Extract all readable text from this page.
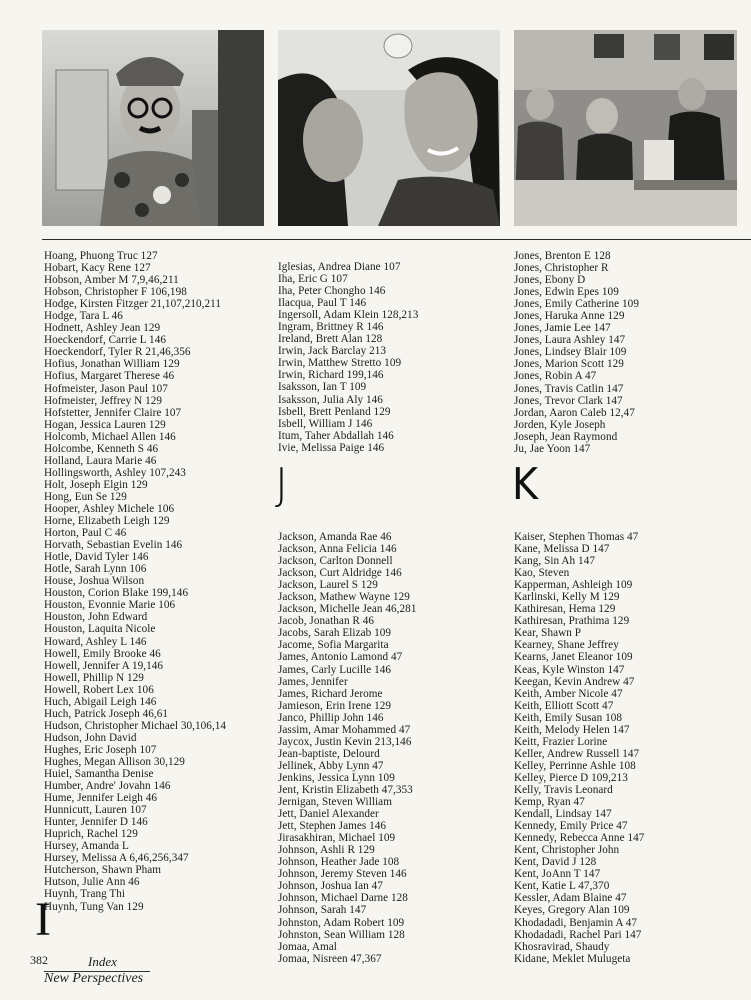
Hoang, Phuong Truc 127
Hobart, Kacy Rene 127
Hobson, Amber M 7,9,46,211
Hobson, Christopher F 106,198
Hodge, Kirsten Fitzger 21,107,210,211
Hodge, Tara L 46
Hodnett, Ashley Jean 129
Hoeckendorf, Carrie L 146
Hoeckendorf, Tyler R 21,46,356
Hofius, Jonathan William 129
Hofius, Margaret Therese 46
Hofmeister, Jason Paul 107
Hofmeister, Jeffrey N 129
Hofstetter, Jennifer Claire 107
Hogan, Jessica Lauren 129
Holcomb, Michael Allen 146
Holcombe, Kenneth S 46
Holland, Laura Marie 46
Hollingsworth, Ashley 107,243
Holt, Joseph Elgin 129
Hong, Eun Se 129
Hooper, Ashley Michele 106
Horne, Elizabeth Leigh 129
Horton, Paul C 46
Horvath, Sebastian Evelin 146
Hotle, David Tyler 146
Hotle, Sarah Lynn 106
House, Joshua Wilson
Houston, Corion Blake 199,146
Houston, Evonnie Marie 106
Houston, John Edward
Houston, Laquita Nicole
Howard, Ashley L 146
Howell, Emily Brooke 46
Howell, Jennifer A 19,146
Howell, Phillip N 129
Howell, Robert Lex 106
Huch, Abigail Leigh 146
Huch, Patrick Joseph 46,61
Hudson, Christopher Michael 30,106,14
Hudson, John David
Hughes, Eric Joseph 107
Hughes, Megan Allison 30,129
Huiel, Samantha Denise
Humber, Andre' Jovahn 146
Hume, Jennifer Leigh 46
Hunnicutt, Lauren 107
Hunter, Jennifer D 146
Huprich, Rachel 129
Hursey, Amanda L
Hursey, Melissa A 6,46,256,347
Hutcherson, Shawn Pham
Hutson, Julie Ann 46
Huynh, Trang Thi
Huynh, Tung Van 129
Iglesias, Andrea Diane 107
Iha, Eric G 107
Iha, Peter Chongho 146
Ilacqua, Paul T 146
Ingersoll, Adam Klein 128,213
Ingram, Brittney R 146
Ireland, Brett Alan 128
Irwin, Jack Barclay 213
Irwin, Matthew Stretto 109
Irwin, Richard 199,146
Isaksson, Ian T 109
Isaksson, Julia Aly 146
Isbell, Brett Penland 129
Isbell, William J 146
Itum, Taher Abdallah 146
Ivie, Melissa Paige 146
J
Jackson, Amanda Rae 46
Jackson, Anna Felicia 146
Jackson, Carlton Donnell
Jackson, Curt Aldridge 146
Jackson, Laurel S 129
Jackson, Mathew Wayne 129
Jackson, Michelle Jean 46,281
Jacob, Jonathan R 46
Jacobs, Sarah Elizab 109
Jacome, Sofia Margarita
James, Antonio Lamond 47
James, Carly Lucille 146
James, Jennifer
James, Richard Jerome
Jamieson, Erin Irene 129
Janco, Phillip John 146
Jassim, Amar Mohammed 47
Jaycox, Justin Kevin 213,146
Jean-baptiste, Delourd
Jellinek, Abby Lynn 47
Jenkins, Jessica Lynn 109
Jent, Kristin Elizabeth 47,353
Jernigan, Steven William
Jett, Daniel Alexander
Jett, Stephen James 146
Jirasakhiran, Michael 109
Johnson, Ashli R 129
Johnson, Heather Jade 108
Johnson, Jeremy Steven 146
Johnson, Joshua Ian 47
Johnson, Michael Darne 128
Johnson, Sarah 147
Johnston, Adam Robert 109
Johnston, Sean William 128
Jomaa, Amal
Jomaa, Nisreen 47,367
Jones, Brenton E 128
Jones, Christopher R
Jones, Ebony D
Jones, Edwin Epes 109
Jones, Emily Catherine 109
Jones, Haruka Anne 129
Jones, Jamie Lee 147
Jones, Laura Ashley 147
Jones, Lindsey Blair 109
Jones, Marion Scott 129
Jones, Robin A 47
Jones, Travis Catlin 147
Jones, Trevor Clark 147
Jordan, Aaron Caleb 12,47
Jorden, Kyle Joseph
Joseph, Jean Raymond
Ju, Jae Yoon 147
K
Kaiser, Stephen Thomas 47
Kane, Melissa D 147
Kang, Sin Ah 147
Kao, Steven
Kapperman, Ashleigh 109
Karlinski, Kelly M 129
Kathiresan, Hema 129
Kathiresan, Prathima 129
Kear, Shawn P
Kearney, Shane Jeffrey
Kearns, Janet Eleanor 109
Keas, Kyle Winston 147
Keegan, Kevin Andrew 47
Keith, Amber Nicole 47
Keith, Elliott Scott 47
Keith, Emily Susan 108
Keith, Melody Helen 147
Keitt, Frazier Lorine
Keller, Andrew Russell 147
Kelley, Perrinne Ashle 108
Kelley, Pierce D 109,213
Kelly, Travis Leonard
Kemp, Ryan 47
Kendall, Lindsay 147
Kennedy, Emily Price 47
Kennedy, Rebecca Anne 147
Kent, Christopher John
Kent, David J 128
Kent, JoAnn T 147
Kent, Katie L 47,370
Kessler, Adam Blaine 47
Keyes, Gregory Alan 109
Khodadadi, Benjamin A 47
Khodadadi, Rachel Pari 147
Khosravirad, Shaudy
Kidane, Meklet Mulugeta
I
382	Index
New Perspectives
